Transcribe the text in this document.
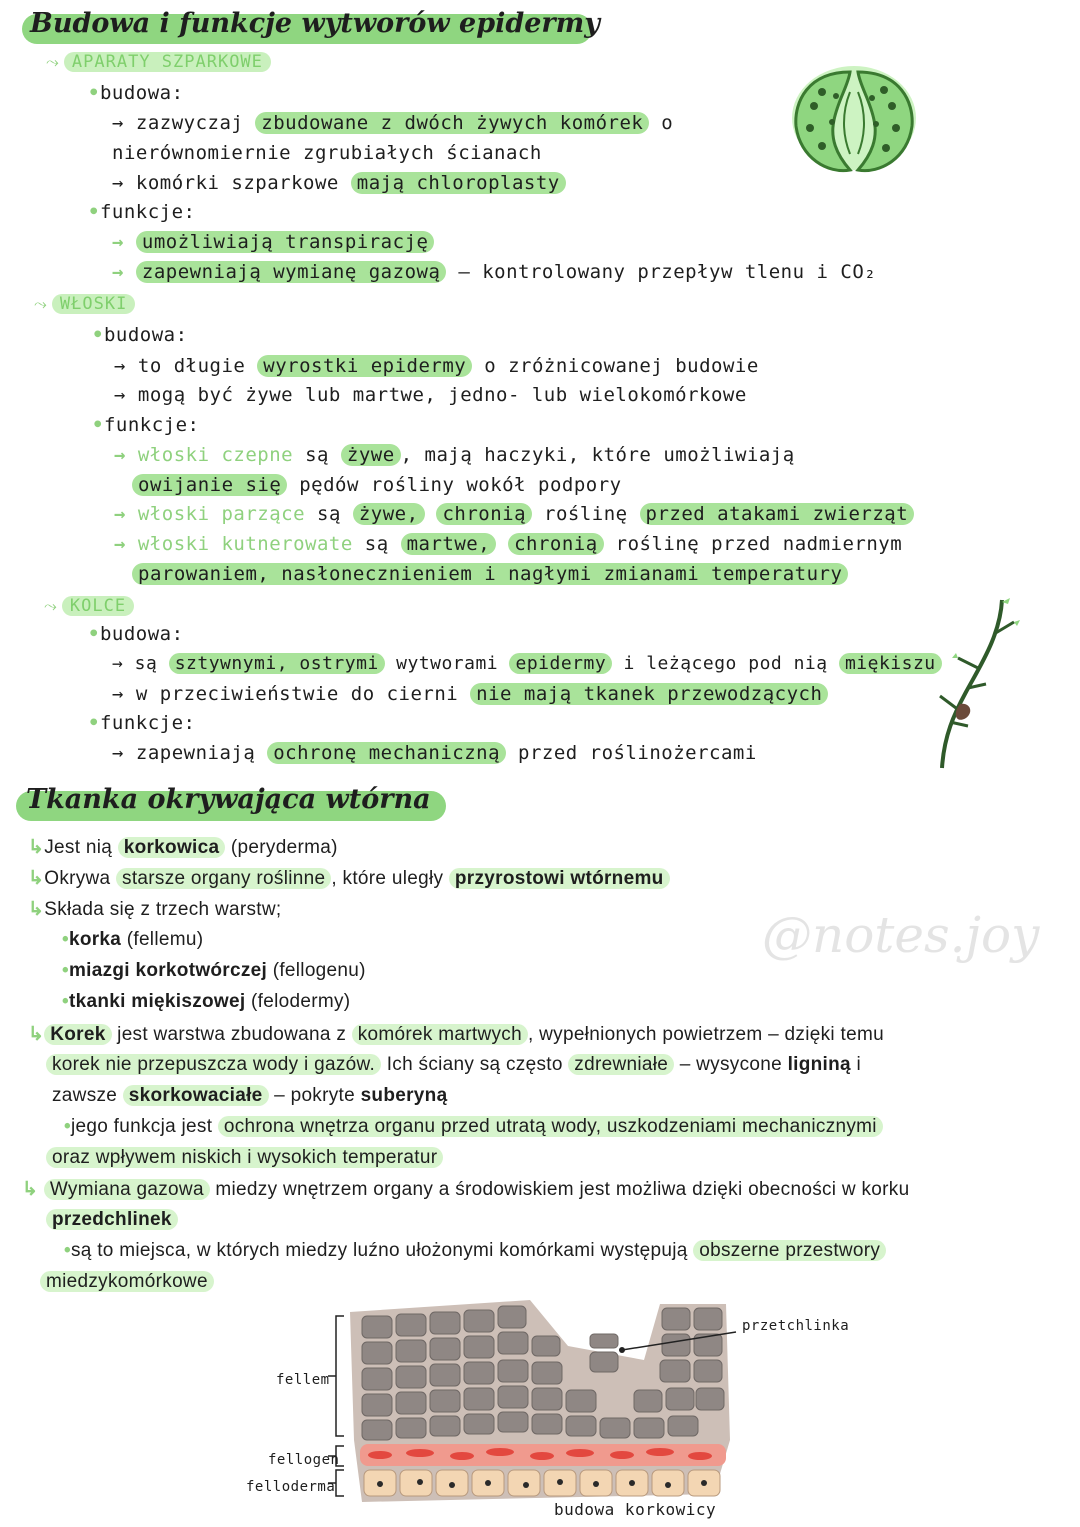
Budowa i funkcje wytworów epidermy
⤳ APARATY SZPARKOWE
•budowa:
→ zazwyczaj zbudowane z dwóch żywych komórek o
nierównomiernie zgrubiałych ścianach
→ komórki szparkowe mają chloroplasty
•funkcje:
→ umożliwiają transpirację
→ zapewniają wymianę gazową – kontrolowany przepływ tlenu i CO₂
⤳ WŁOSKI
•budowa:
→ to długie wyrostki epidermy o zróżnicowanej budowie
→ mogą być żywe lub martwe, jedno- lub wielokomórkowe
•funkcje:
→ włoski czepne są żywe , mają haczyki, które umożliwiają
owijanie się pędów rośliny wokół podpory
→ włoski parzące są żywe, chronią roślinę przed atakami zwierząt
→ włoski kutnerowate są martwe, chronią roślinę przed nadmiernym
parowaniem, nasłonecznieniem i nagłymi zmianami temperatury
⤳ KOLCE
•budowa:
→ są sztywnymi, ostrymi wytworami epidermy i leżącego pod nią miękiszu
→ w przeciwieństwie do cierni nie mają tkanek przewodzących
•funkcje:
→ zapewniają ochronę mechaniczną przed roślinożercami
Tkanka okrywająca wtórna
↳Jest nią korkowica (peryderma)
↳Okrywa starsze organy roślinne , które uległy przyrostowi wtórnemu
↳Składa się z trzech warstw;
•korka (fellemu)
•miazgi korkotwórczej (fellogenu)
•tkanki miękiszowej (felodermy)
@notes.joy
↳ Korek jest warstwa zbudowana z komórek martwych , wypełnionych powietrzem – dzięki temu
korek nie przepuszcza wody i gazów. Ich ściany są często zdrewniałe – wysycone ligniną i
zawsze skorkowaciałe – pokryte suberyną
•jego funkcja jest ochrona wnętrza organu przed utratą wody, uszkodzeniami mechanicznymi
oraz wpływem niskich i wysokich temperatur
↳ Wymiana gazowa miedzy wnętrzem organy a środowiskiem jest możliwa dzięki obecności w korku
przedchlinek
•są to miejsca, w których miedzy luźno ułożonymi komórkami występują obszerne przestwory
miedzykomórkowe
fellem
fellogen
felloderma
przetchlinka
budowa korkowicy
